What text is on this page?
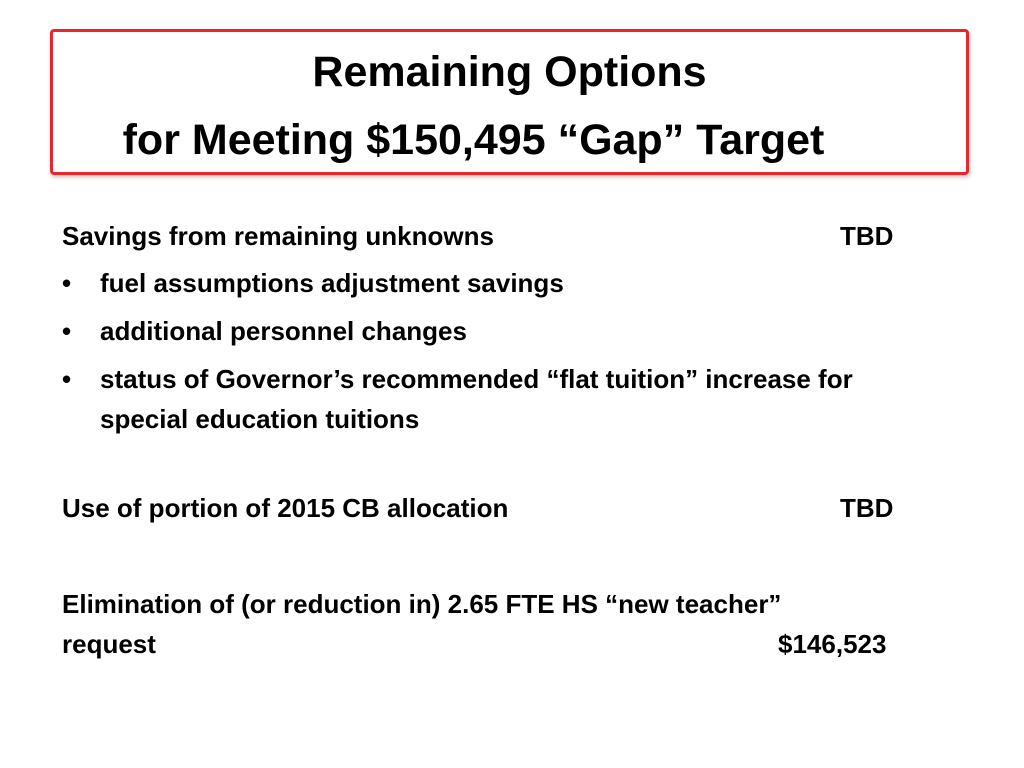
Remaining Options
for Meeting $150,495 “Gap” Target
Savings from remaining unknowns	TBD
• fuel assumptions adjustment savings
• additional personnel changes
• status of Governor’s recommended “flat tuition” increase for
special education tuitions
Use of portion of 2015 CB allocation	TBD
Elimination of (or reduction in) 2.65 FTE HS “new teacher”
request	$146,523
